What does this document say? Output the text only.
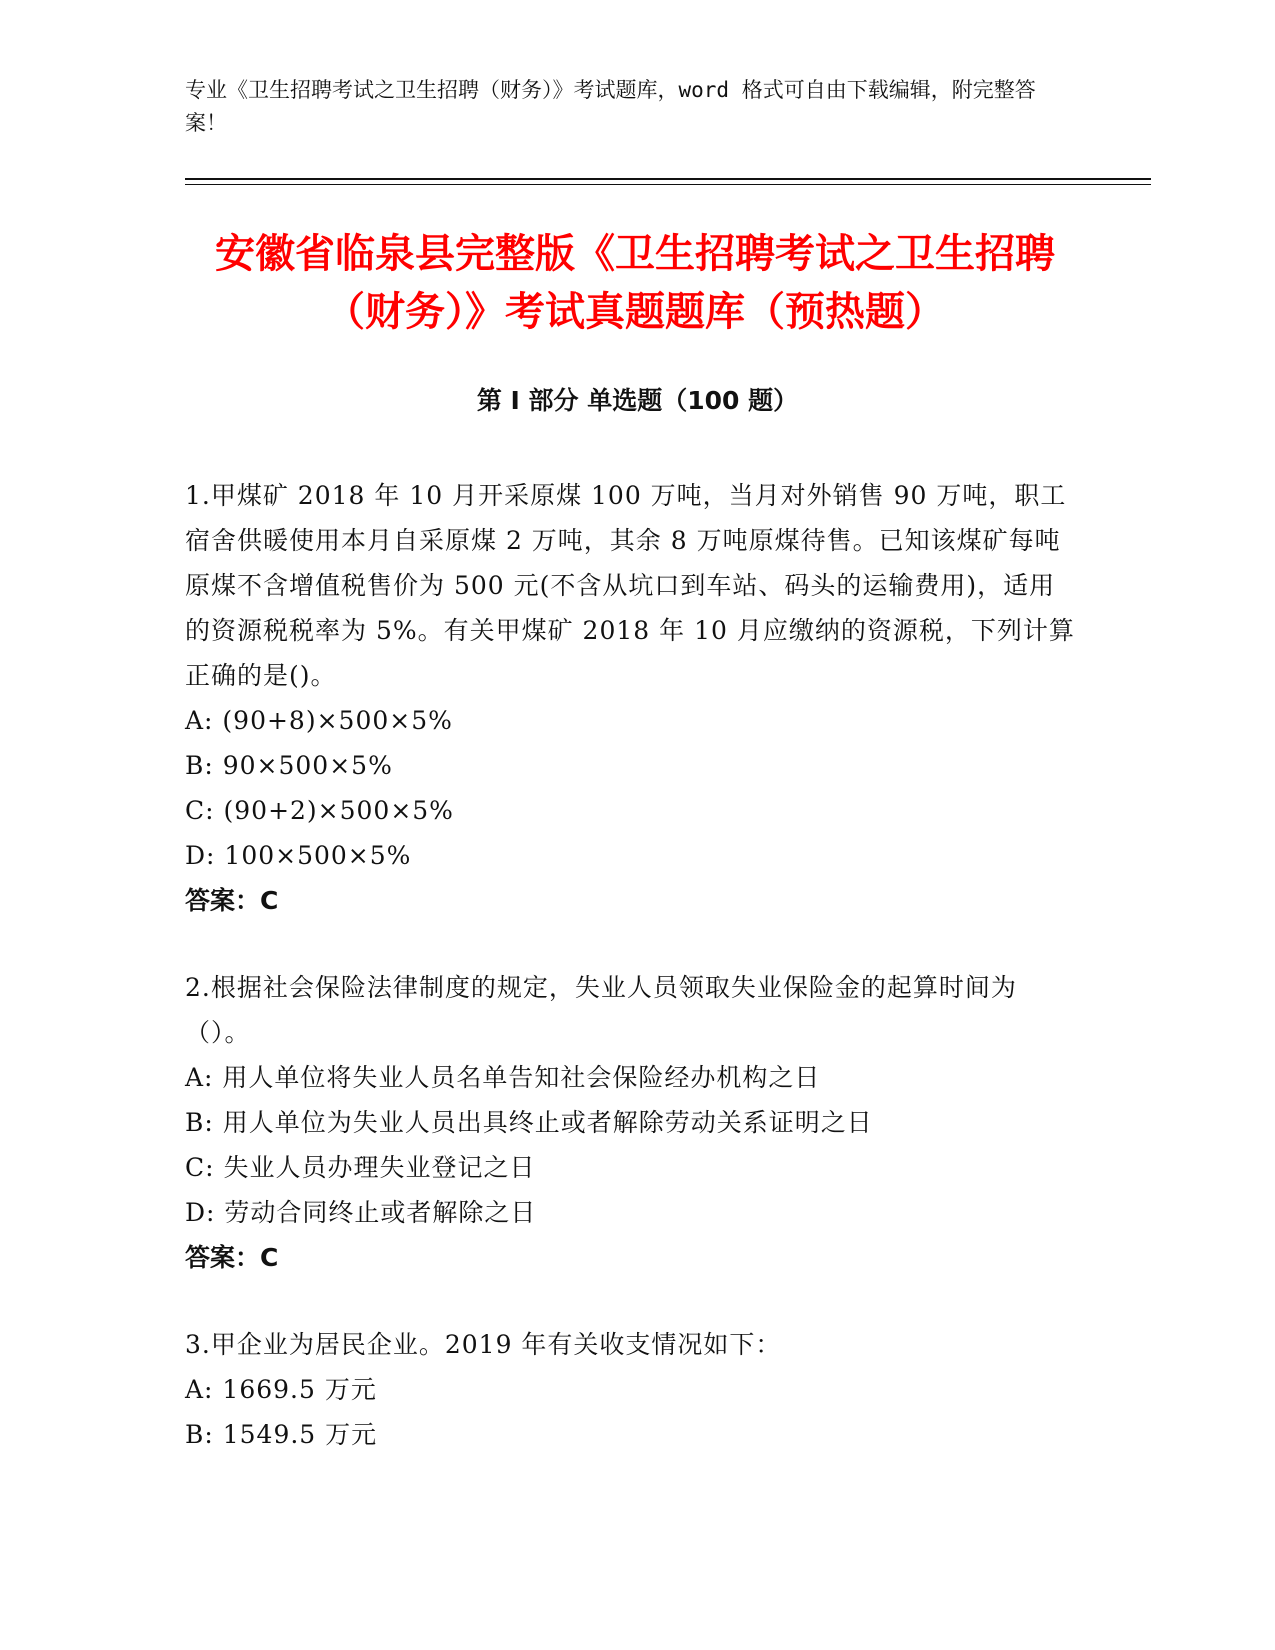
专业《卫生招聘考试之卫生招聘（财务）》考试题库，word 格式可自由下载编辑，附完整答案！
安徽省临泉县完整版《卫生招聘考试之卫生招聘（财务）》考试真题题库（预热题）
第 I 部分 单选题（100 题）

1.甲煤矿 2018 年 10 月开采原煤 100 万吨，当月对外销售 90 万吨，职工宿舍供暖使用本月自采原煤 2 万吨，其余 8 万吨原煤待售。已知该煤矿每吨原煤不含增值税售价为 500 元(不含从坑口到车站、码头的运输费用)，适用的资源税税率为 5%。有关甲煤矿 2018 年 10 月应缴纳的资源税，下列计算正确的是()。

A: (90+8)×500×5%

B: 90×500×5%

C: (90+2)×500×5%

D: 100×500×5%

答案：C

2.根据社会保险法律制度的规定，失业人员领取失业保险金的起算时间为（）。

A: 用人单位将失业人员名单告知社会保险经办机构之日

B: 用人单位为失业人员出具终止或者解除劳动关系证明之日

C: 失业人员办理失业登记之日

D: 劳动合同终止或者解除之日

答案：C

3.甲企业为居民企业。2019 年有关收支情况如下：

A: 1669.5 万元

B: 1549.5 万元
